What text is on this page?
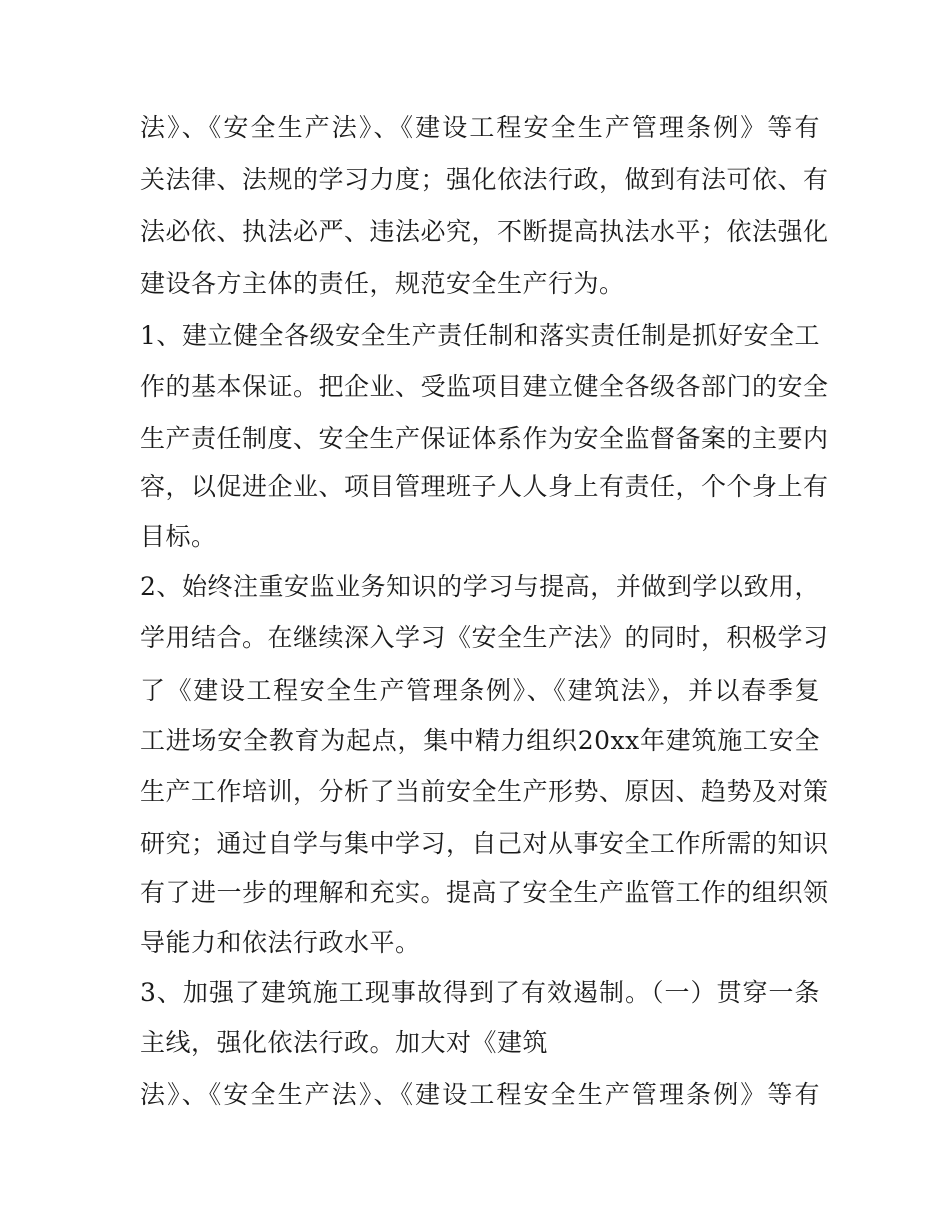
法》、《安全生产法》、《建设工程安全生产管理条例》等有
关法律、法规的学习力度；强化依法行政，做到有法可依、有
法必依、执法必严、违法必究，不断提高执法水平；依法强化
建设各方主体的责任，规范安全生产行为。
1、建立健全各级安全生产责任制和落实责任制是抓好安全工
作的基本保证。把企业、受监项目建立健全各级各部门的安全
生产责任制度、安全生产保证体系作为安全监督备案的主要内
容，以促进企业、项目管理班子人人身上有责任，个个身上有
目标。
2、始终注重安监业务知识的学习与提高，并做到学以致用，
学用结合。在继续深入学习《安全生产法》的同时，积极学习
了《建设工程安全生产管理条例》、《建筑法》，并以春季复
工进场安全教育为起点，集中精力组织20xx年建筑施工安全
生产工作培训，分析了当前安全生产形势、原因、趋势及对策
研究；通过自学与集中学习，自己对从事安全工作所需的知识
有了进一步的理解和充实。提高了安全生产监管工作的组织领
导能力和依法行政水平。
3、加强了建筑施工现事故得到了有效遏制。（一）贯穿一条
主线，强化依法行政。加大对《建筑
法》、《安全生产法》、《建设工程安全生产管理条例》等有
